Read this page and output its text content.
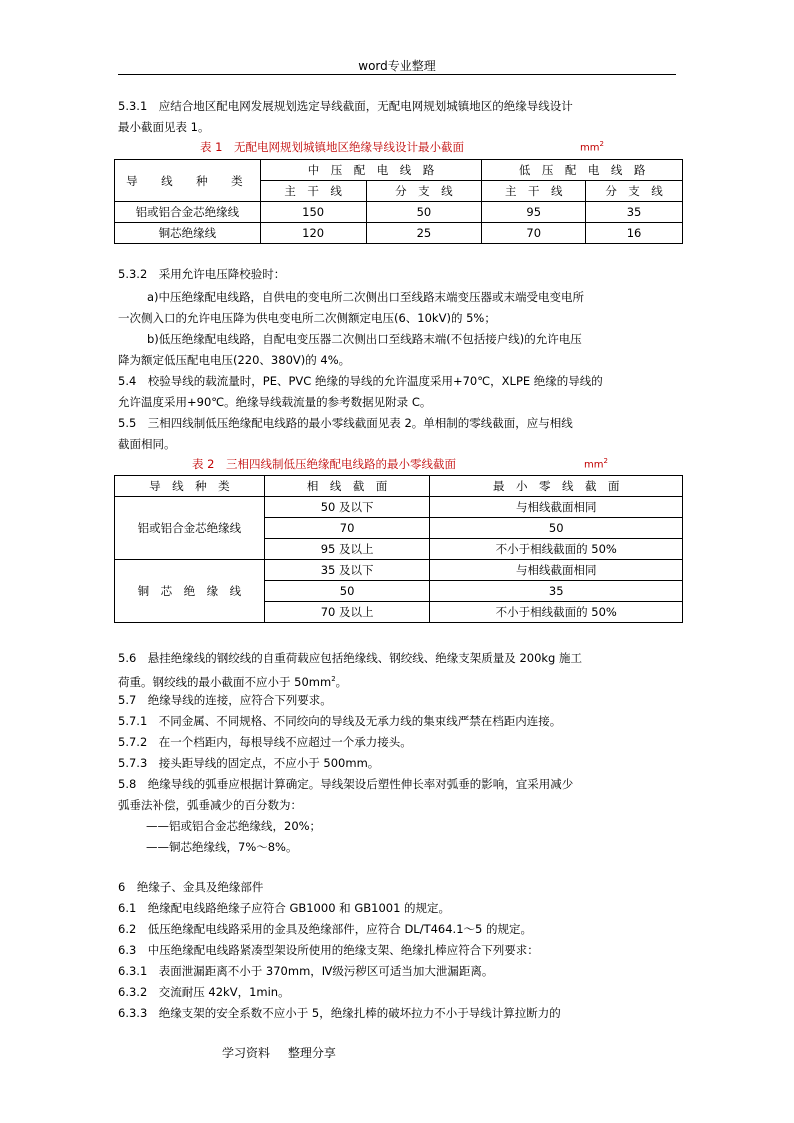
word专业整理
5.3.1　应结合地区配电网发展规划选定导线截面，无配电网规划城镇地区的绝缘导线设计
最小截面见表 1。
表 1　无配电网规划城镇地区绝缘导线设计最小截面	$mm^2$
导　线　种　类	中　压　配　电　线　路		低　压　配　电　线　路	
	主　干　线	分　支　线	主　干　线	分　支　线
铝或铝合金芯绝缘线	150	50	95	35
铜芯绝缘线	120	25	70	16
5.3.2　采用允许电压降校验时：
a)中压绝缘配电线路，自供电的变电所二次侧出口至线路末端变压器或末端受电变电所
一次侧入口的允许电压降为供电变电所二次侧额定电压(6、10kV)的 5%；
b)低压绝缘配电线路，自配电变压器二次侧出口至线路末端(不包括接户线)的允许电压
降为额定低压配电电压(220、380V)的 4%。
5.4　校验导线的载流量时，PE、PVC 绝缘的导线的允许温度采用+70℃，XLPE 绝缘的导线的
允许温度采用+90℃。绝缘导线载流量的参考数据见附录 C。
5.5　三相四线制低压绝缘配电线路的最小零线截面见表 2。单相制的零线截面，应与相线
截面相同。
表 2　三相四线制低压绝缘配电线路的最小零线截面	$mm^2$
导　线　种　类	相　线　截　面	最　小　零　线　截　面
铝或铝合金芯绝缘线	50 及以下	与相线截面相同
	70	50
	95 及以上	不小于相线截面的 50%
铜　芯　绝　缘　线	35 及以下	与相线截面相同
	50	35
	70 及以上	不小于相线截面的 50%
5.6　悬挂绝缘线的钢绞线的自重荷载应包括绝缘线、钢绞线、绝缘支架质量及 200kg 施工
荷重。钢绞线的最小截面不应小于 $50mm^2$。
5.7　绝缘导线的连接，应符合下列要求。
5.7.1　不同金属、不同规格、不同绞向的导线及无承力线的集束线严禁在档距内连接。
5.7.2　在一个档距内，每根导线不应超过一个承力接头。
5.7.3　接头距导线的固定点，不应小于 500mm。
5.8　绝缘导线的弧垂应根据计算确定。导线架设后塑性伸长率对弧垂的影响，宜采用减少
弧垂法补偿，弧垂减少的百分数为：
——铝或铝合金芯绝缘线，20%；
——铜芯绝缘线，7%～8%。
6　绝缘子、金具及绝缘部件
6.1　绝缘配电线路绝缘子应符合 GB1000 和 GB1001 的规定。
6.2　低压绝缘配电线路采用的金具及绝缘部件，应符合 DL/T464.1～5 的规定。
6.3　中压绝缘配电线路紧凑型架设所使用的绝缘支架、绝缘扎棒应符合下列要求：
6.3.1　表面泄漏距离不小于 370mm，Ⅳ级污秽区可适当加大泄漏距离。
6.3.2　交流耐压 42kV，1min。
6.3.3　绝缘支架的安全系数不应小于 5，绝缘扎棒的破坏拉力不小于导线计算拉断力的
学习资料 整理分享
